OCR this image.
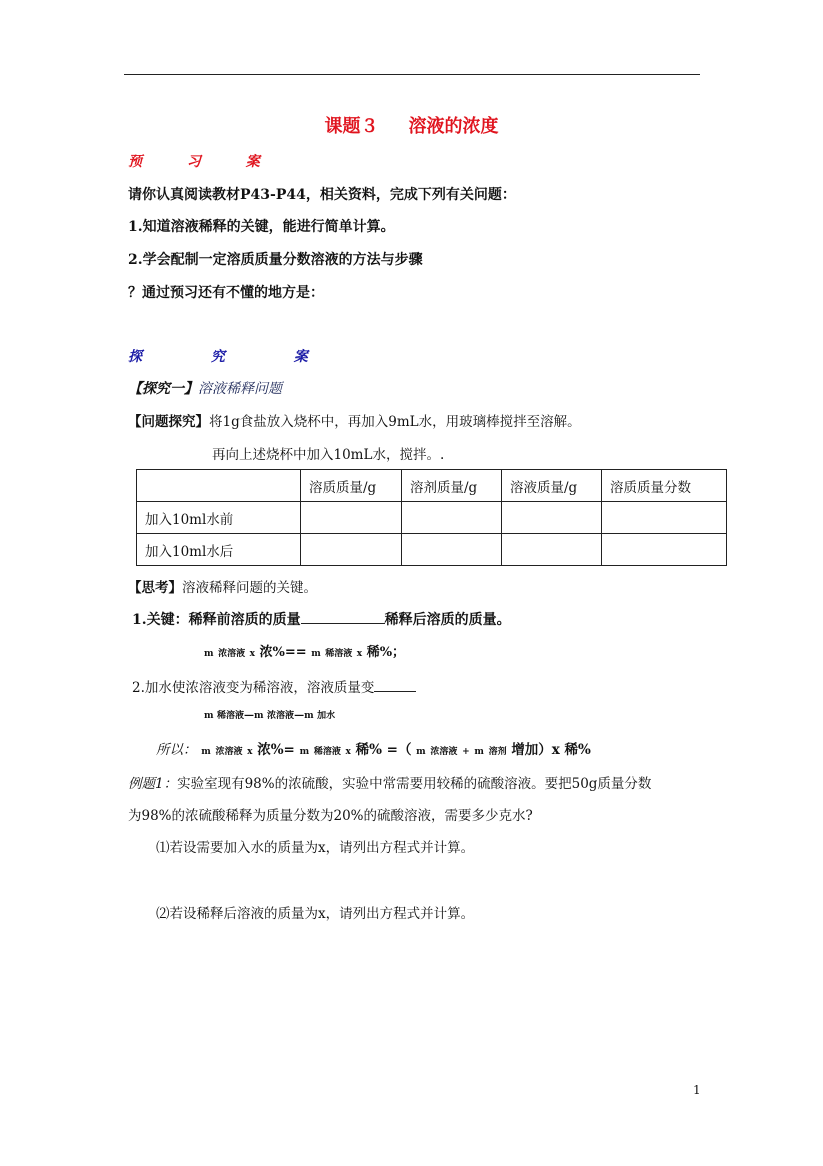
课题３ 溶液的浓度
预	习	案
请你认真阅读教材P43-P44，相关资料，完成下列有关问题：
1.知道溶液稀释的关键，能进行简单计算。
2.学会配制一定溶质质量分数溶液的方法与步骤
？通过预习还有不懂的地方是：
探	究	案
【探究一】溶液稀释问题
【问题探究】将1g食盐放入烧杯中，再加入9mL水，用玻璃棒搅拌至溶解。
再向上述烧杯中加入10mL水，搅拌。.
	溶质质量/g	溶剂质量/g	溶液质量/g	溶质质量分数
加入10ml水前				
加入10ml水后				
【思考】溶液稀释问题的关键。
1.关键：稀释前溶质的质量	稀释后溶质的质量。
m 浓溶液 x 浓%== m 稀溶液 x 稀%；
2.加水使浓溶液变为稀溶液，溶液质量变
m 稀溶液—m 浓溶液—m 加水
所以： m 浓溶液 x 浓%= m 稀溶液 x 稀% =（ m 浓溶液 + m 溶剂 增加）x 稀%
例题1：实验室现有98%的浓硫酸，实验中常需要用较稀的硫酸溶液。要把50g质量分数
为98%的浓硫酸稀释为质量分数为20%的硫酸溶液，需要多少克水?
⑴若设需要加入水的质量为x，请列出方程式并计算。
⑵若设稀释后溶液的质量为x，请列出方程式并计算。
1
